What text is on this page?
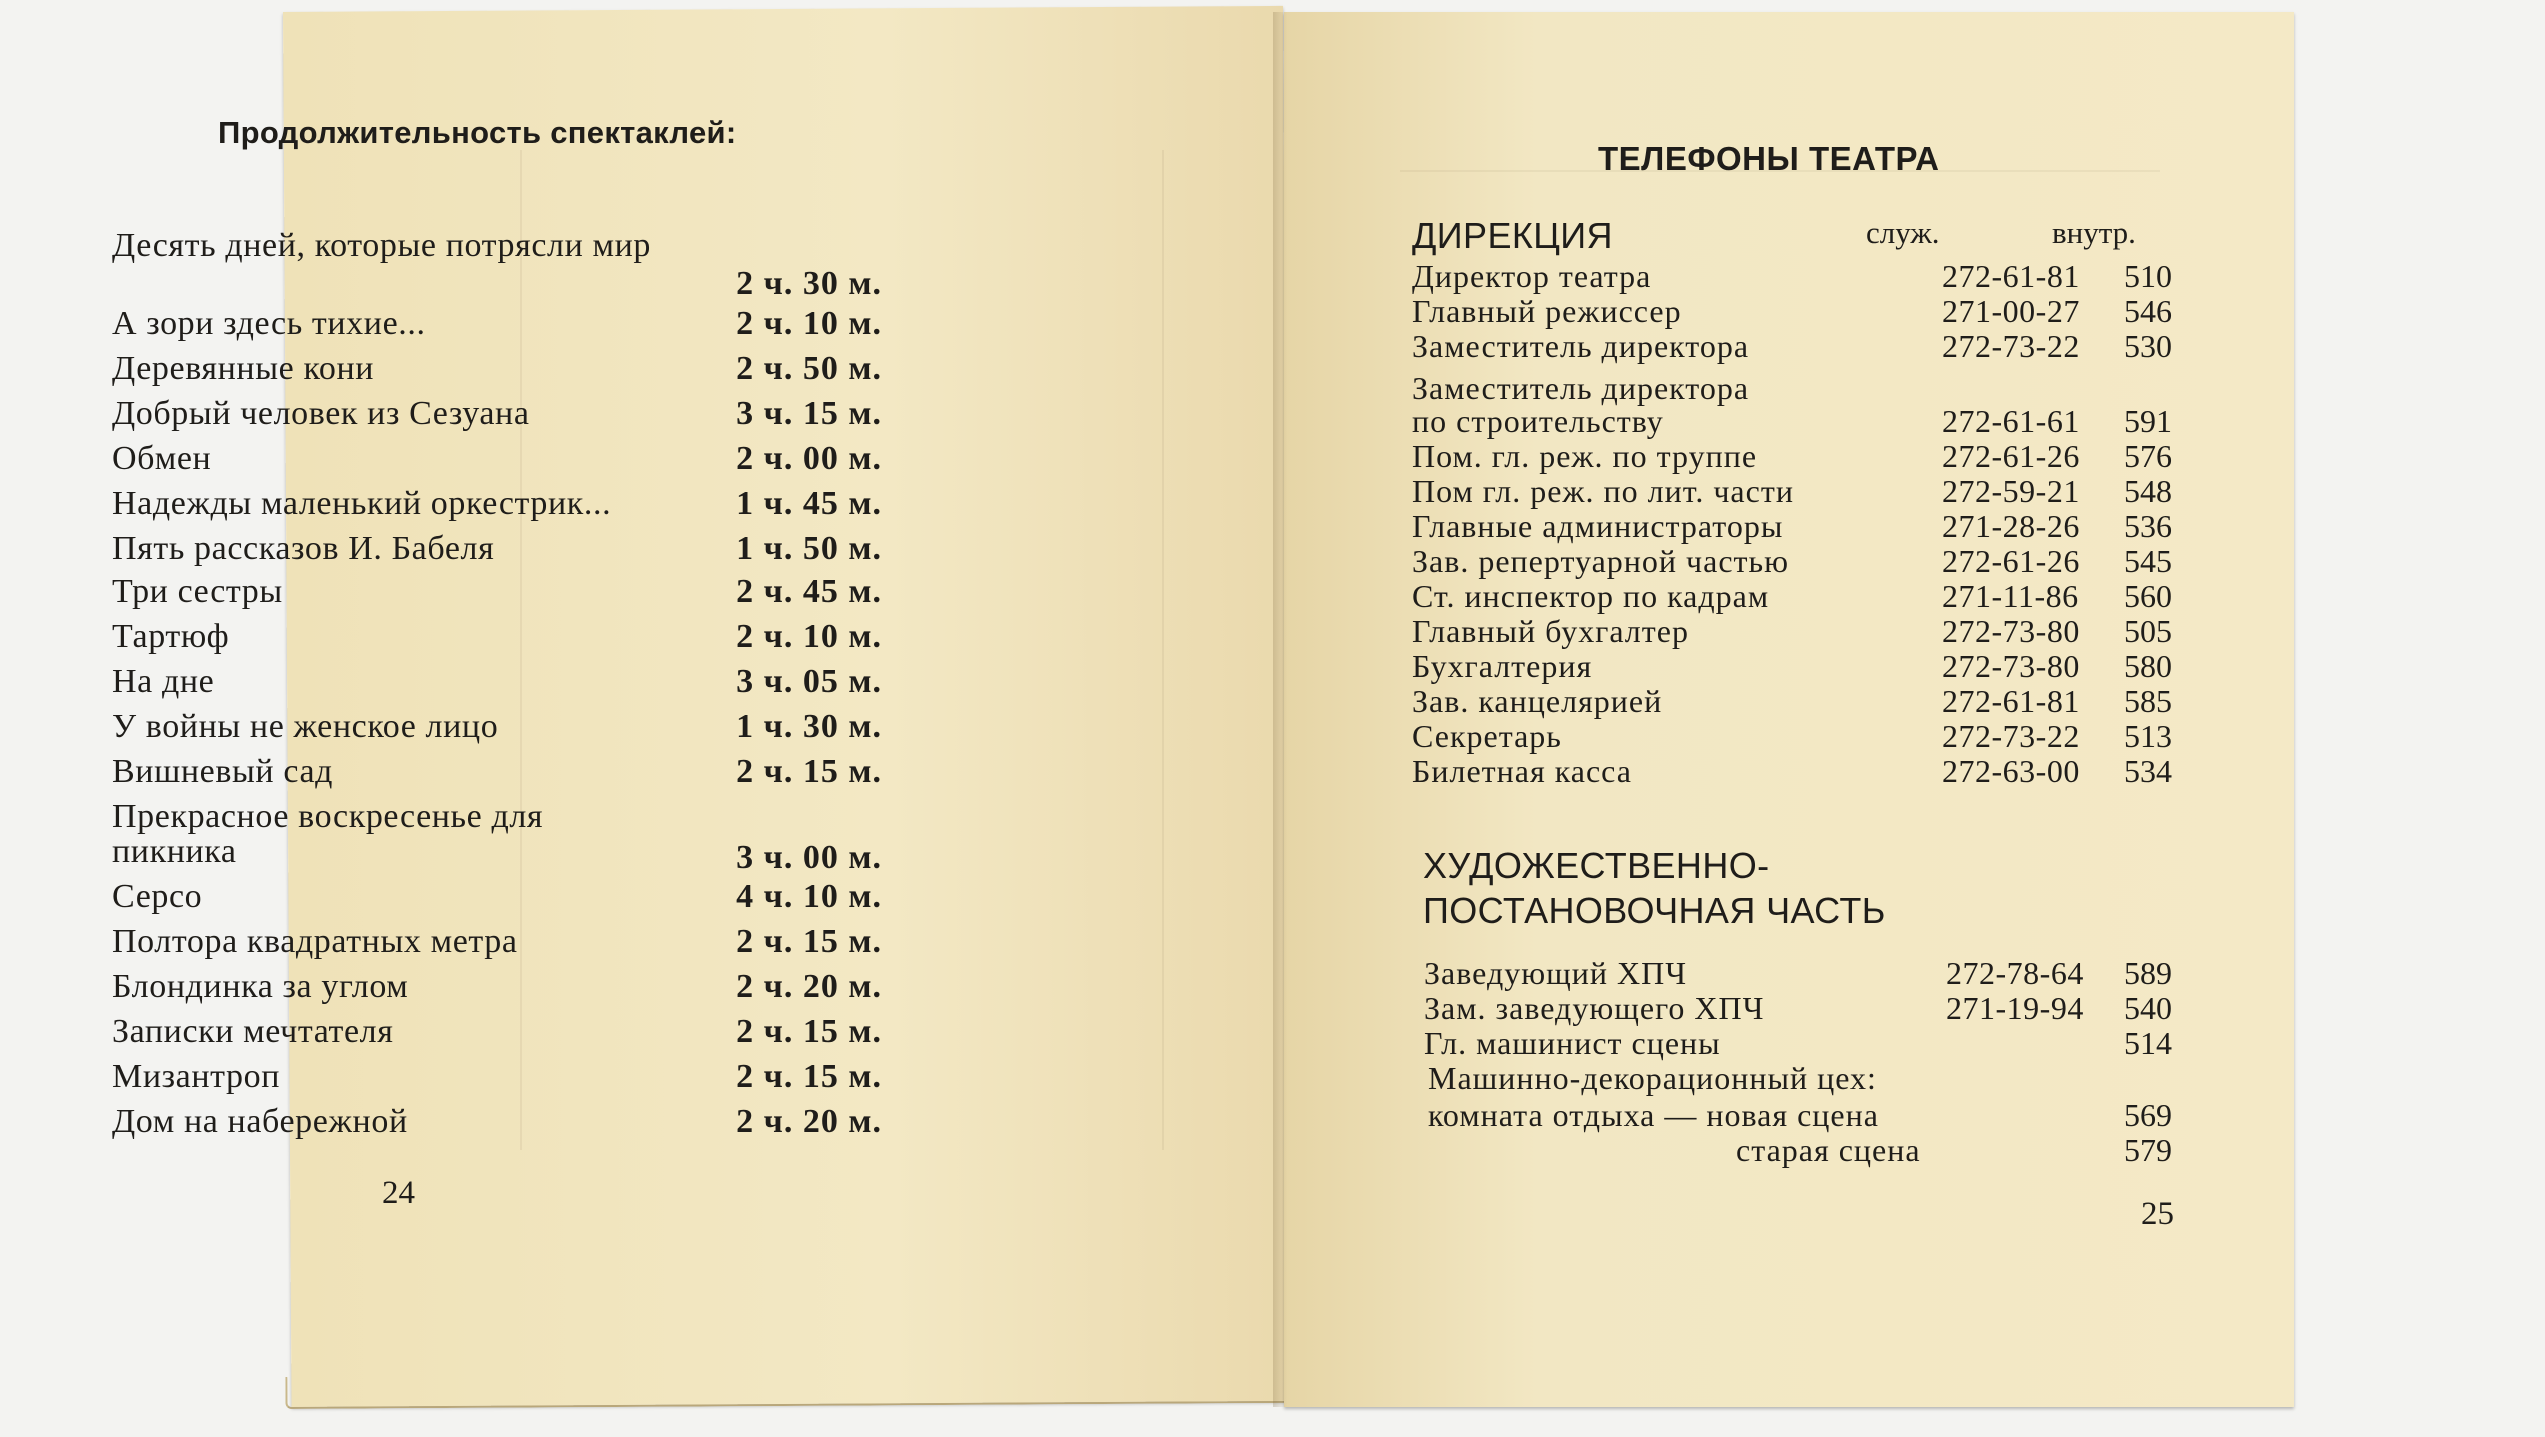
Продолжительность спектаклей:
Десять дней, которые потрясли мир
2 ч. 30 м.
А зори здесь тихие...	2 ч. 10 м.
Деревянные кони	2 ч. 50 м.
Добрый человек из Сезуана	3 ч. 15 м.
Обмен	2 ч. 00 м.
Надежды маленький оркестрик...	1 ч. 45 м.
Пять рассказов И. Бабеля	1 ч. 50 м.
Три сестры	2 ч. 45 м.
Тартюф	2 ч. 10 м.
На дне	3 ч. 05 м.
У войны не женское лицо	1 ч. 30 м.
Вишневый сад	2 ч. 15 м.
Прекрасное воскресенье для
пикника	3 ч. 00 м.
Серсо	4 ч. 10 м.
Полтора квадратных метра	2 ч. 15 м.
Блондинка за углом	2 ч. 20 м.
Записки мечтателя	2 ч. 15 м.
Мизантроп	2 ч. 15 м.
Дом на набережной	2 ч. 20 м.
24
ТЕЛЕФОНЫ ТЕАТРА
ДИРЕКЦИЯ	служ.	внутр.
Директор театра	272-61-81 510
Главный режиссер	271-00-27 546
Заместитель директора	272-73-22 530
Заместитель директора
по строительству	272-61-61 591
Пом. гл. реж. по труппе	272-61-26 576
Пом гл. реж. по лит. части	272-59-21 548
Главные администраторы	271-28-26 536
Зав. репертуарной частью	272-61-26 545
Ст. инспектор по кадрам	271-11-86 560
Главный бухгалтер	272-73-80 505
Бухгалтерия	272-73-80 580
Зав. канцелярией	272-61-81 585
Секретарь	272-73-22 513
Билетная касса	272-63-00 534
ХУДОЖЕСТВЕННО-
ПОСТАНОВОЧНАЯ ЧАСТЬ
Заведующий ХПЧ	272-78-64 589
Зам. заведующего ХПЧ	271-19-94 540
Гл. машинист сцены	514
Машинно-декорационный цех:
комната отдыха — новая сцена	569
старая сцена	579
25
